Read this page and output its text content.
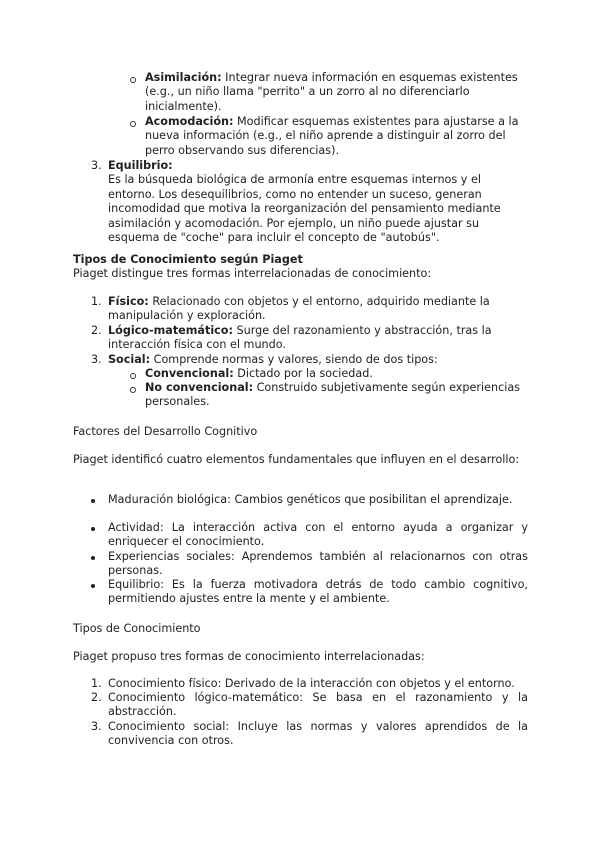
Asimilación: Integrar nueva información en esquemas existentes (e.g., un niño llama "perrito" a un zorro al no diferenciarlo inicialmente).

Acomodación: Modificar esquemas existentes para ajustarse a la nueva información (e.g., el niño aprende a distinguir al zorro del perro observando sus diferencias).

3. Equilibrio:

Es la búsqueda biológica de armonía entre esquemas internos y el entorno. Los desequilibrios, como no entender un suceso, generan incomodidad que motiva la reorganización del pensamiento mediante asimilación y acomodación. Por ejemplo, un niño puede ajustar su esquema de "coche" para incluir el concepto de "autobús".

Tipos de Conocimiento según Piaget

Piaget distingue tres formas interrelacionadas de conocimiento:

1. Físico: Relacionado con objetos y el entorno, adquirido mediante la manipulación y exploración.

2. Lógico-matemático: Surge del razonamiento y abstracción, tras la interacción física con el mundo.

3. Social: Comprende normas y valores, siendo de dos tipos:

Convencional: Dictado por la sociedad.

No convencional: Construido subjetivamente según experiencias personales.

Factores del Desarrollo Cognitivo

Piaget identificó cuatro elementos fundamentales que influyen en el desarrollo:

Maduración biológica: Cambios genéticos que posibilitan el aprendizaje.

Actividad: La interacción activa con el entorno ayuda a organizar y enriquecer el conocimiento.

Experiencias sociales: Aprendemos también al relacionarnos con otras personas.

Equilibrio: Es la fuerza motivadora detrás de todo cambio cognitivo, permitiendo ajustes entre la mente y el ambiente.

Tipos de Conocimiento

Piaget propuso tres formas de conocimiento interrelacionadas:

1. Conocimiento físico: Derivado de la interacción con objetos y el entorno.

2. Conocimiento lógico-matemático: Se basa en el razonamiento y la abstracción.

3. Conocimiento social: Incluye las normas y valores aprendidos de la convivencia con otros.
